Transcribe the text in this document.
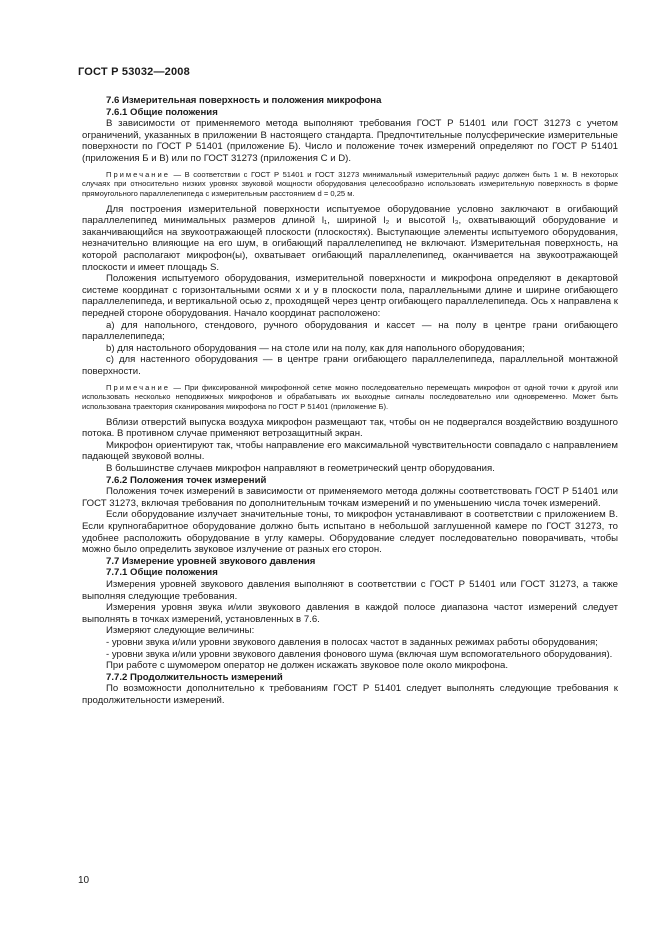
ГОСТ Р 53032—2008
7.6 Измерительная поверхность и положения микрофона
7.6.1 Общие положения
В зависимости от применяемого метода выполняют требования ГОСТ Р 51401 или ГОСТ 31273 с учетом ограничений, указанных в приложении В настоящего стандарта. Предпочтительные полусферические измерительные поверхности по ГОСТ Р 51401 (приложение Б). Число и положение точек измерений определяют по ГОСТ Р 51401 (приложения Б и В) или по ГОСТ 31273 (приложения С и D).
Примечание — В соответствии с ГОСТ Р 51401 и ГОСТ 31273 минимальный измерительный радиус должен быть 1 м. В некоторых случаях при относительно низких уровнях звуковой мощности оборудования целесообразно использовать измерительную поверхность в форме прямоугольного параллелепипеда с измерительным расстоянием d = 0,25 м.
Для построения измерительной поверхности испытуемое оборудование условно заключают в огибающий параллелепипед минимальных размеров длиной l₁, шириной l₂ и высотой l₃, охватывающий оборудование и заканчивающийся на звукоотражающей плоскости (плоскостях). Выступающие элементы испытуемого оборудования, незначительно влияющие на его шум, в огибающий параллелепипед не включают. Измерительная поверхность, на которой располагают микрофон(ы), охватывает огибающий параллелепипед, оканчивается на звукоотражающей плоскости и имеет площадь S.
Положения испытуемого оборудования, измерительной поверхности и микрофона определяют в декартовой системе координат с горизонтальными осями x и y в плоскости пола, параллельными длине и ширине огибающего параллелепипеда, и вертикальной осью z, проходящей через центр огибающего параллелепипеда. Ось x направлена к передней стороне оборудования. Начало координат расположено:
а) для напольного, стендового, ручного оборудования и кассет — на полу в центре грани огибающего параллелепипеда;
b) для настольного оборудования — на столе или на полу, как для напольного оборудования;
с) для настенного оборудования — в центре грани огибающего параллелепипеда, параллельной монтажной поверхности.
Примечание — При фиксированной микрофонной сетке можно последовательно перемещать микрофон от одной точки к другой или использовать несколько неподвижных микрофонов и обрабатывать их выходные сигналы последовательно или одновременно. Может быть использована траектория сканирования микрофона по ГОСТ Р 51401 (приложение Б).
Вблизи отверстий выпуска воздуха микрофон размещают так, чтобы он не подвергался воздействию воздушного потока. В противном случае применяют ветрозащитный экран.
Микрофон ориентируют так, чтобы направление его максимальной чувствительности совпадало с направлением падающей звуковой волны.
В большинстве случаев микрофон направляют в геометрический центр оборудования.
7.6.2 Положения точек измерений
Положения точек измерений в зависимости от применяемого метода должны соответствовать ГОСТ Р 51401 или ГОСТ 31273, включая требования по дополнительным точкам измерений и по уменьшению числа точек измерений.
Если оборудование излучает значительные тоны, то микрофон устанавливают в соответствии с приложением В. Если крупногабаритное оборудование должно быть испытано в небольшой заглушенной камере по ГОСТ 31273, то удобнее расположить оборудование в углу камеры. Оборудование следует последовательно поворачивать, чтобы можно было определить звуковое излучение от разных его сторон.
7.7 Измерение уровней звукового давления
7.7.1 Общие положения
Измерения уровней звукового давления выполняют в соответствии с ГОСТ Р 51401 или ГОСТ 31273, а также выполняя следующие требования.
Измерения уровня звука и/или звукового давления в каждой полосе диапазона частот измерений следует выполнять в точках измерений, установленных в 7.6.
Измеряют следующие величины:
- уровни звука и/или уровни звукового давления в полосах частот в заданных режимах работы оборудования;
- уровни звука и/или уровни звукового давления фонового шума (включая шум вспомогательного оборудования).
При работе с шумомером оператор не должен искажать звуковое поле около микрофона.
7.7.2 Продолжительность измерений
По возможности дополнительно к требованиям ГОСТ Р 51401 следует выполнять следующие требования к продолжительности измерений.
10
